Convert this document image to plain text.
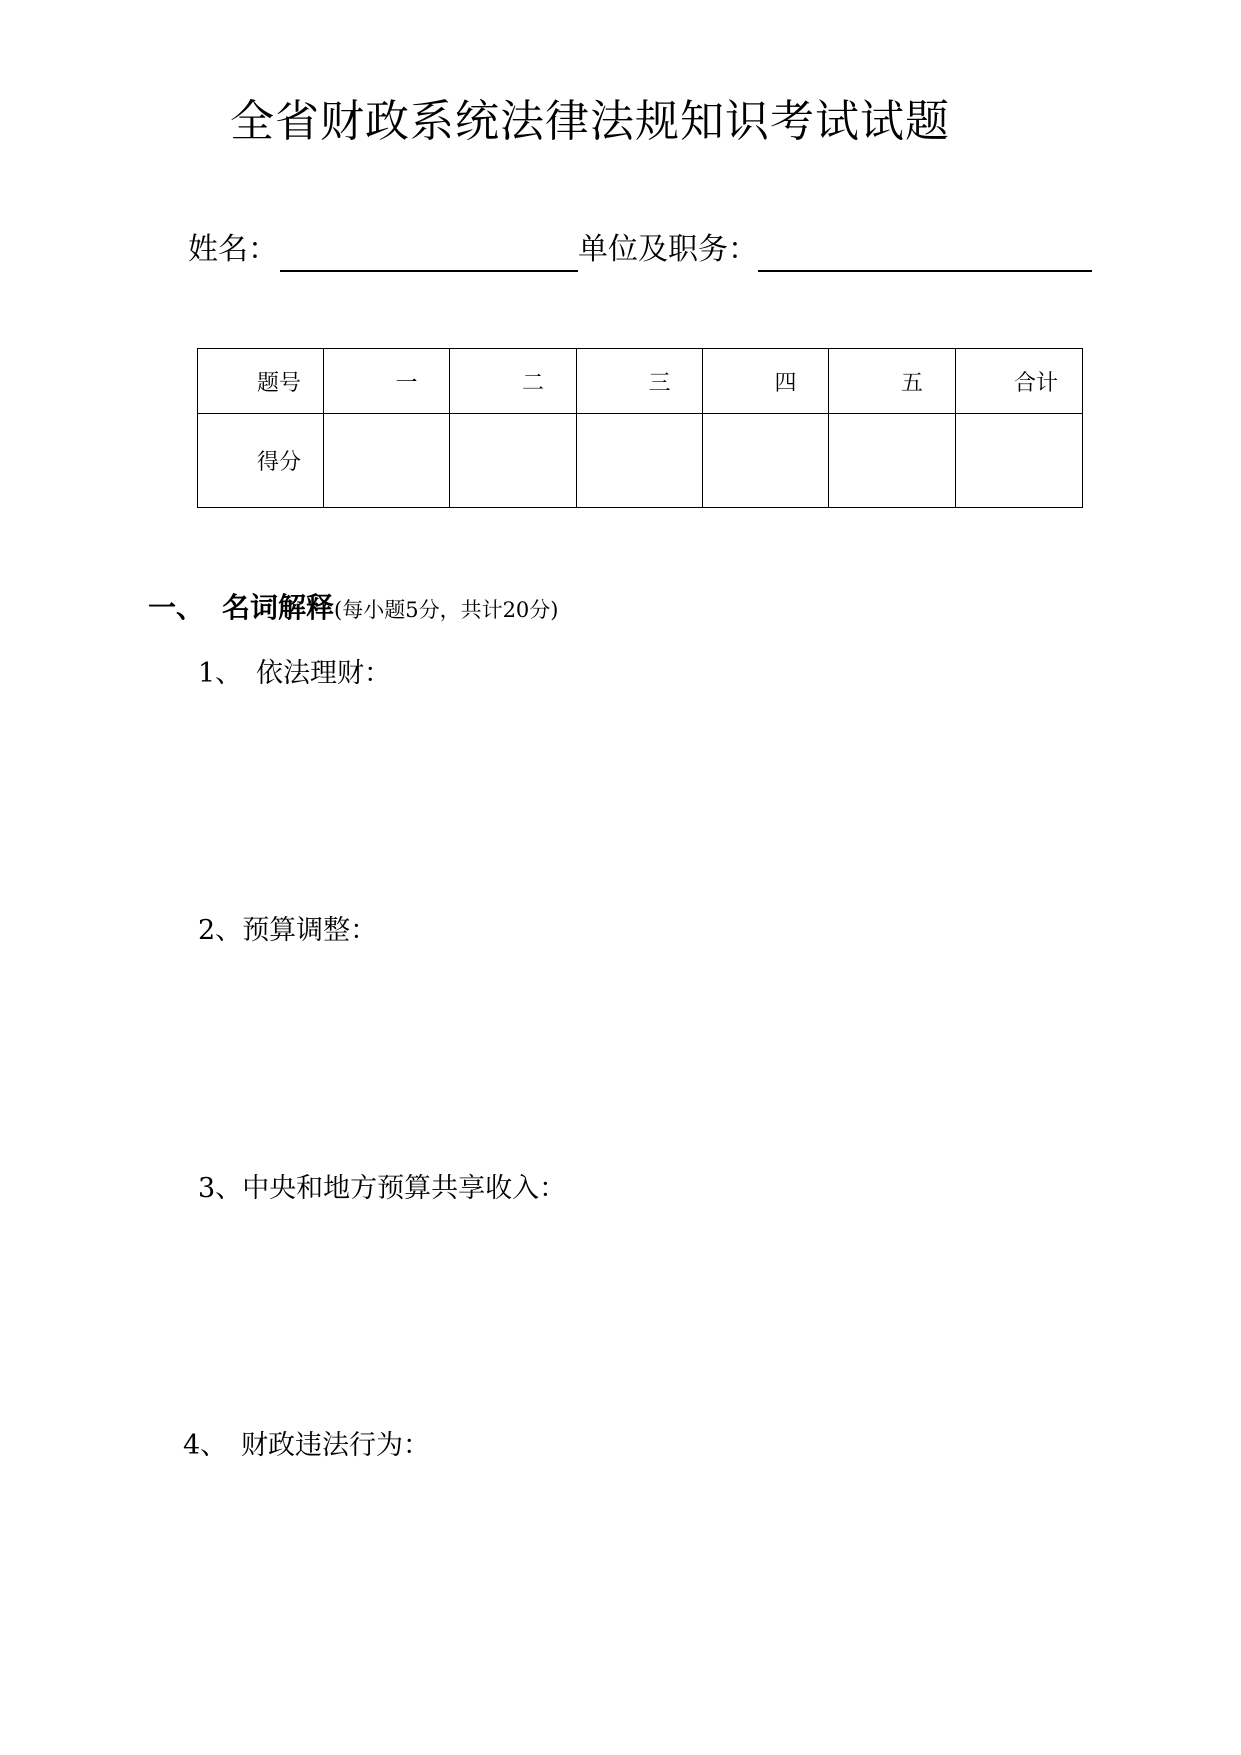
全省财政系统法律法规知识考试试题
姓名：	单位及职务：
题号	一	二	三	四	五	合计
得分						
一、 名词解释(每小题5分，共计20分)
1、 依法理财：
2、预算调整：
3、中央和地方预算共享收入：
4、 财政违法行为：
